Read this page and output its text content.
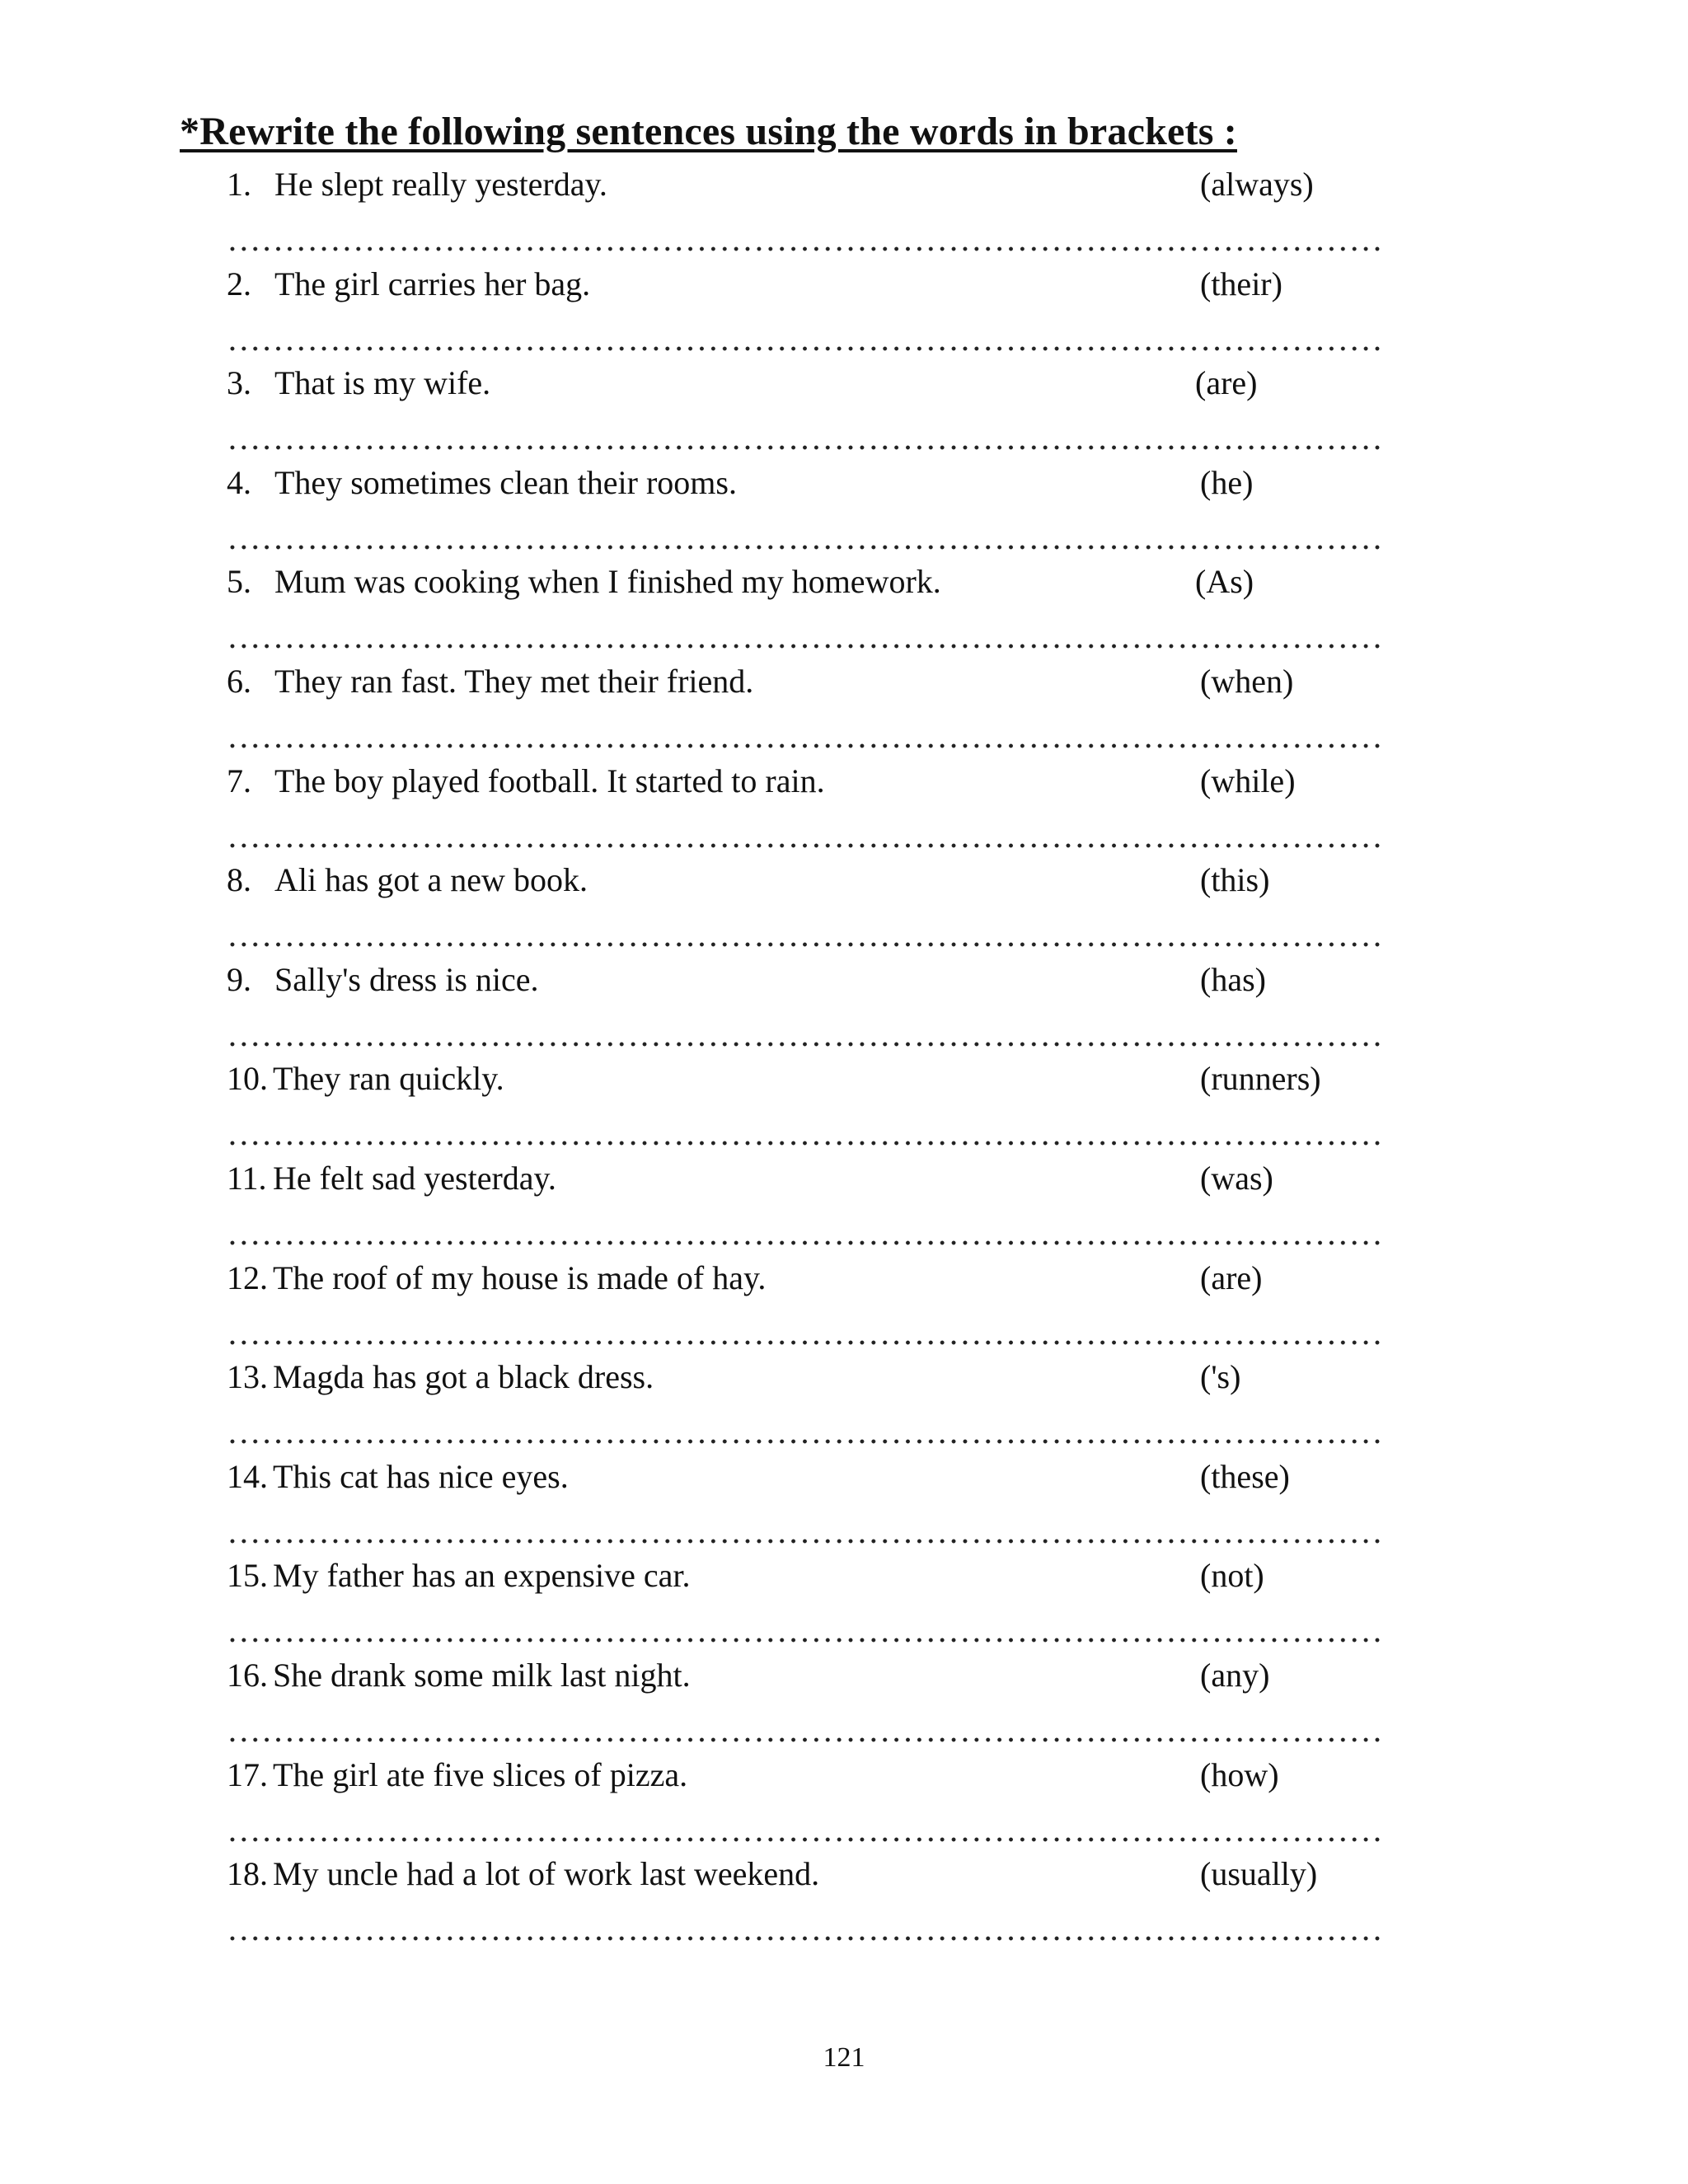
*Rewrite the following sentences using the words in brackets :
1. He slept really yesterday.	(always)
2. The girl carries her bag.	(their)
3. That is my wife.	(are)
4. They sometimes clean their rooms.	(he)
5. Mum was cooking when I finished my homework.	(As)
6. They ran fast. They met their friend.	(when)
7. The boy played football. It started to rain.	(while)
8. Ali has got a new book.	(this)
9. Sally's dress is nice.	(has)
10. They ran quickly.	(runners)
11. He felt sad yesterday.	(was)
12. The roof of my house is made of hay.	(are)
13. Magda has got a black dress.	('s)
14. This cat has nice eyes.	(these)
15. My father has an expensive car.	(not)
16. She drank some milk last night.	(any)
17. The girl ate five slices of pizza.	(how)
18. My uncle had a lot of work last weekend.	(usually)
121
